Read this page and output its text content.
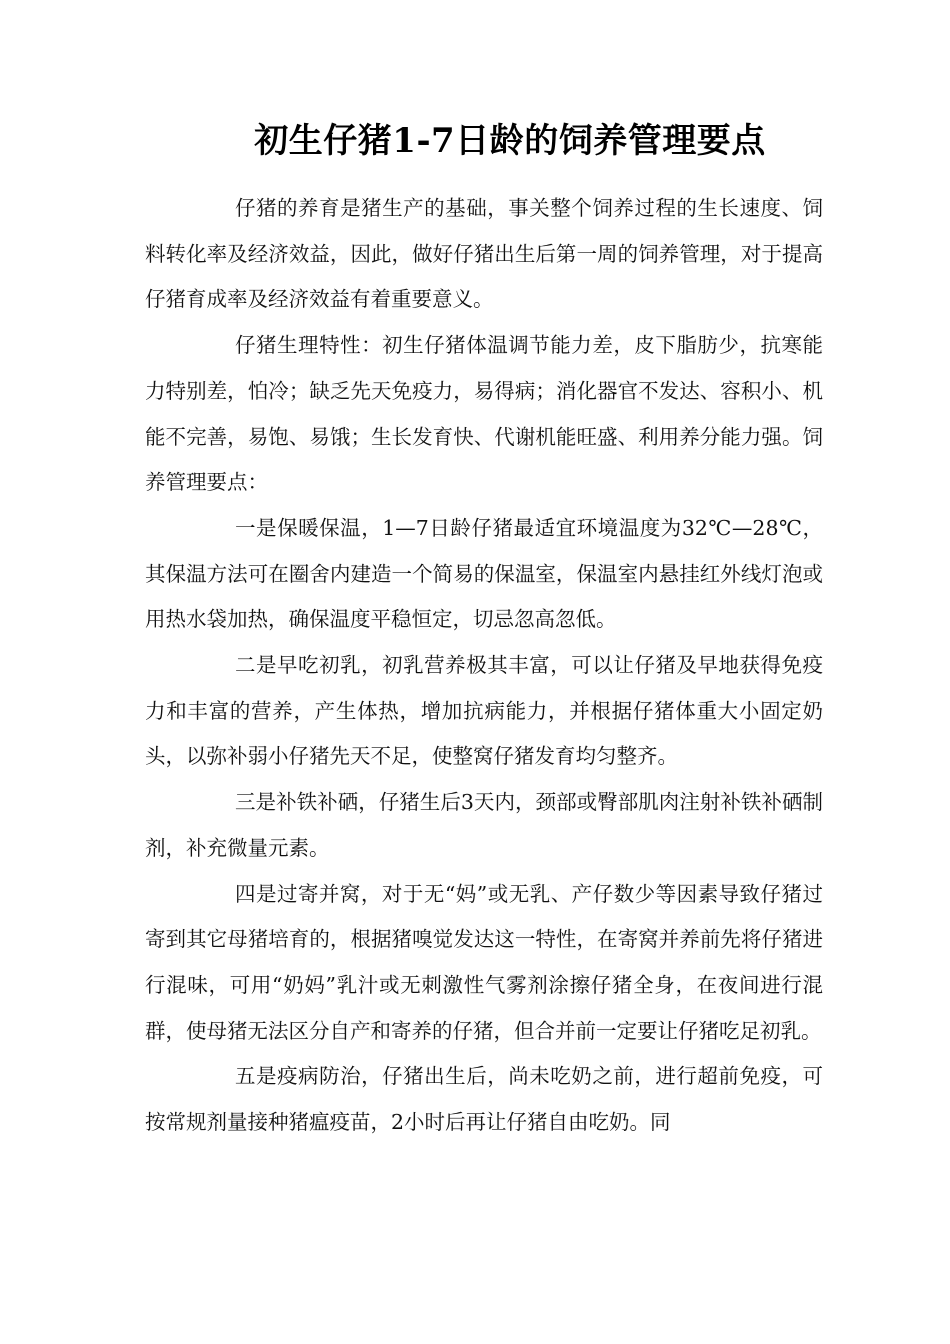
初生仔猪1-7日龄的饲养管理要点

仔猪的养育是猪生产的基础，事关整个饲养过程的生长速度、饲料转化率及经济效益，因此，做好仔猪出生后第一周的饲养管理，对于提高仔猪育成率及经济效益有着重要意义。

仔猪生理特性：初生仔猪体温调节能力差，皮下脂肪少，抗寒能力特别差，怕冷；缺乏先天免疫力，易得病；消化器官不发达、容积小、机能不完善，易饱、易饿；生长发育快、代谢机能旺盛、利用养分能力强。饲养管理要点：

一是保暖保温，1—7日龄仔猪最适宜环境温度为32℃—28℃，其保温方法可在圈舍内建造一个简易的保温室，保温室内悬挂红外线灯泡或用热水袋加热，确保温度平稳恒定，切忌忽高忽低。

二是早吃初乳，初乳营养极其丰富，可以让仔猪及早地获得免疫力和丰富的营养，产生体热，增加抗病能力，并根据仔猪体重大小固定奶头，以弥补弱小仔猪先天不足，使整窝仔猪发育均匀整齐。

三是补铁补硒，仔猪生后3天内，颈部或臀部肌肉注射补铁补硒制剂，补充微量元素。

四是过寄并窝，对于无“妈”或无乳、产仔数少等因素导致仔猪过寄到其它母猪培育的，根据猪嗅觉发达这一特性，在寄窝并养前先将仔猪进行混味，可用“奶妈”乳汁或无刺激性气雾剂涂擦仔猪全身，在夜间进行混群，使母猪无法区分自产和寄养的仔猪，但合并前一定要让仔猪吃足初乳。

五是疫病防治，仔猪出生后，尚未吃奶之前，进行超前免疫，可按常规剂量接种猪瘟疫苗，2小时后再让仔猪自由吃奶。同
